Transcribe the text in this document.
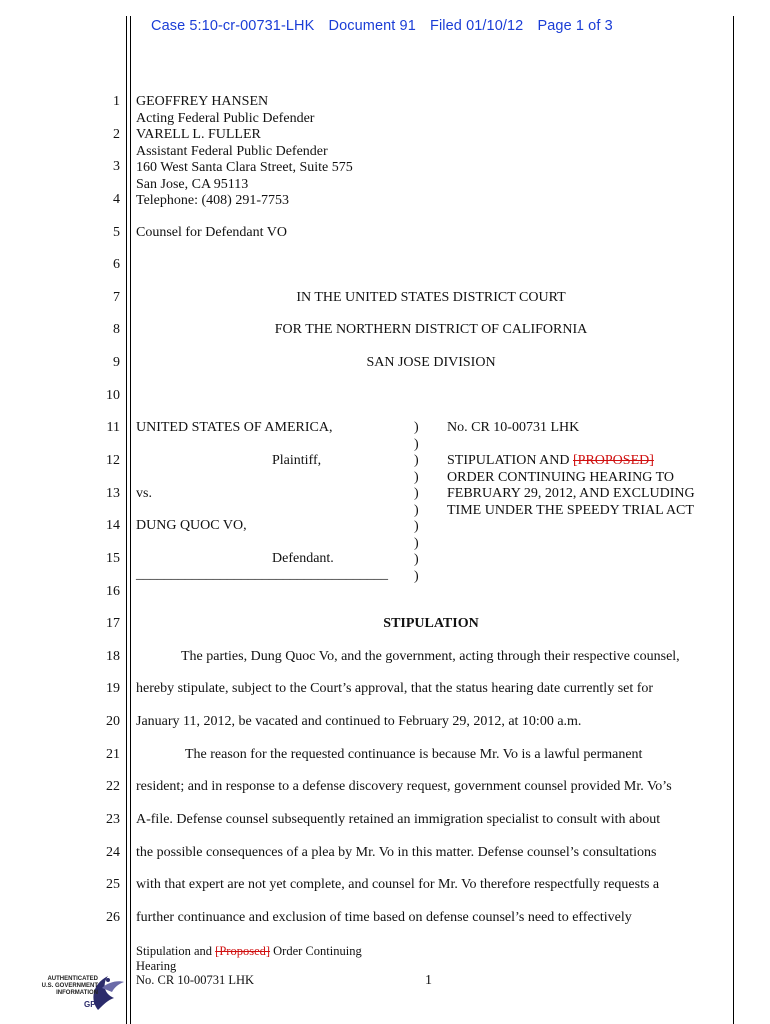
Case 5:10-cr-00731-LHK Document 91 Filed 01/10/12 Page 1 of 3
1
2
3
4
5
6
7
8
9
10
11
12
13
14
15
16
17
18
19
20
21
22
23
24
25
26
GEOFFREY HANSEN
Acting Federal Public Defender
VARELL L. FULLER
Assistant Federal Public Defender
160 West Santa Clara Street, Suite 575
San Jose, CA 95113
Telephone: (408) 291-7753
Counsel for Defendant VO
IN THE UNITED STATES DISTRICT COURT
FOR THE NORTHERN DISTRICT OF CALIFORNIA
SAN JOSE DIVISION
UNITED STATES OF AMERICA,
Plaintiff,
vs.
DUNG QUOC VO,
Defendant.
____________________________________
)
)
)
)
)
)
)
)
)
)
No. CR 10-00731 LHK
STIPULATION AND [PROPOSED]
ORDER CONTINUING HEARING TO
FEBRUARY 29, 2012, AND EXCLUDING
TIME UNDER THE SPEEDY TRIAL ACT
STIPULATION
The parties, Dung Quoc Vo, and the government, acting through their respective counsel,
hereby stipulate, subject to the Court’s approval, that the status hearing date currently set for
January 11, 2012, be vacated and continued to February 29, 2012, at 10:00 a.m.
The reason for the requested continuance is because Mr. Vo is a lawful permanent
resident; and in response to a defense discovery request, government counsel provided Mr. Vo’s
A-file. Defense counsel subsequently retained an immigration specialist to consult with about
the possible consequences of a plea by Mr. Vo in this matter. Defense counsel’s consultations
with that expert are not yet complete, and counsel for Mr. Vo therefore respectfully requests a
further continuance and exclusion of time based on defense counsel’s need to effectively
Stipulation and [Proposed] Order Continuing
Hearing
No. CR 10-00731 LHK	1
AUTHENTICATED
U.S. GOVERNMENT
INFORMATION
GPO
